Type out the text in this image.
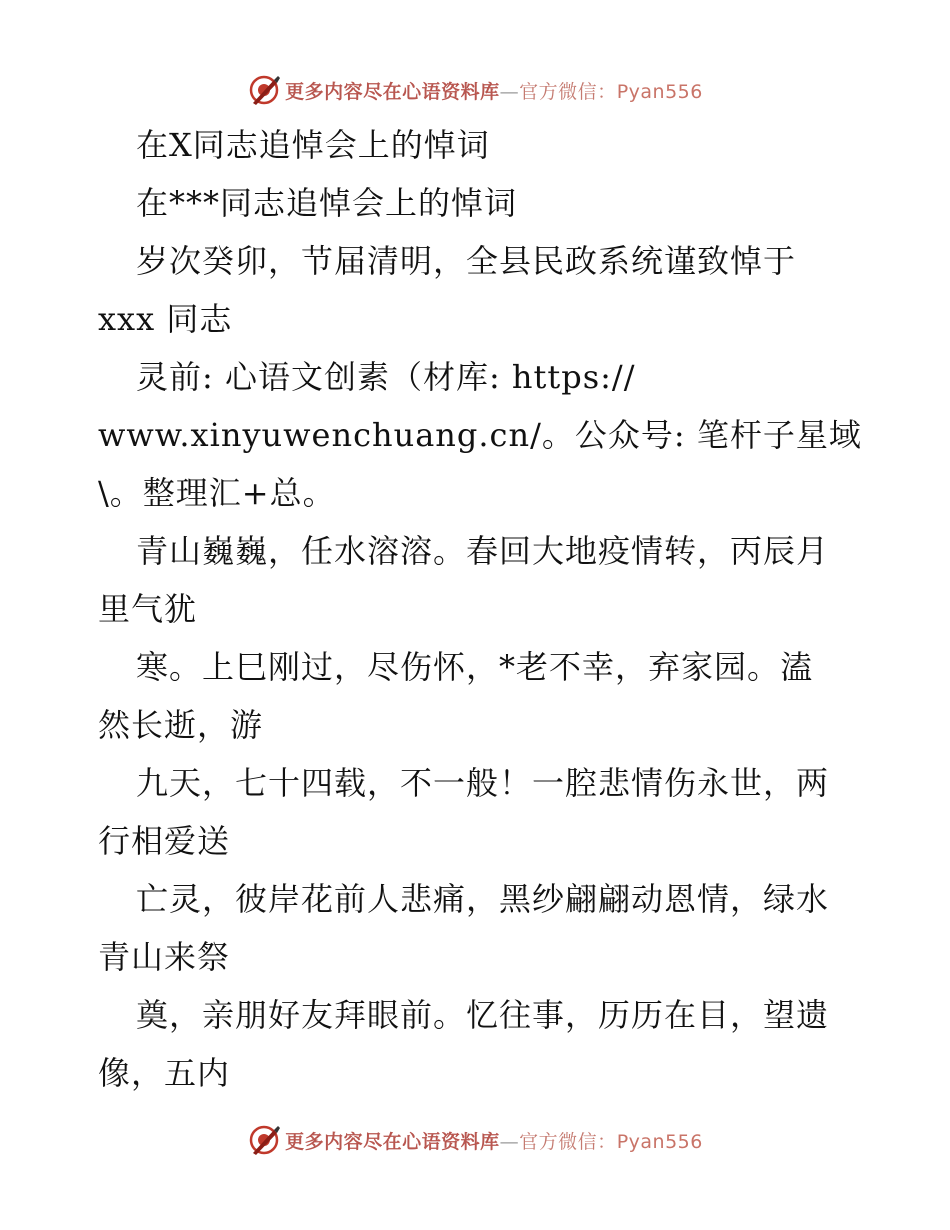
更多内容尽在心语资料库—官方微信：Pyan556
在X同志追悼会上的悼词
在***同志追悼会上的悼词
岁次癸卯，节届清明，全县民政系统谨致悼于
xxx 同志
灵前: 心语文创素（材库: https://
www.xinyuwenchuang.cn/。公众号: 笔杆子星域
\。整理汇+总。
青山巍巍，任水溶溶。春回大地疫情转，丙辰月
里气犹
寒。上巳刚过，尽伤怀，*老不幸，弃家园。溘
然长逝，游
九天，七十四载，不一般！一腔悲情伤永世，两
行相爱送
亡灵，彼岸花前人悲痛，黑纱翩翩动恩情，绿水
青山来祭
奠，亲朋好友拜眼前。忆往事，历历在目，望遗
像，五内
更多内容尽在心语资料库—官方微信：Pyan556
